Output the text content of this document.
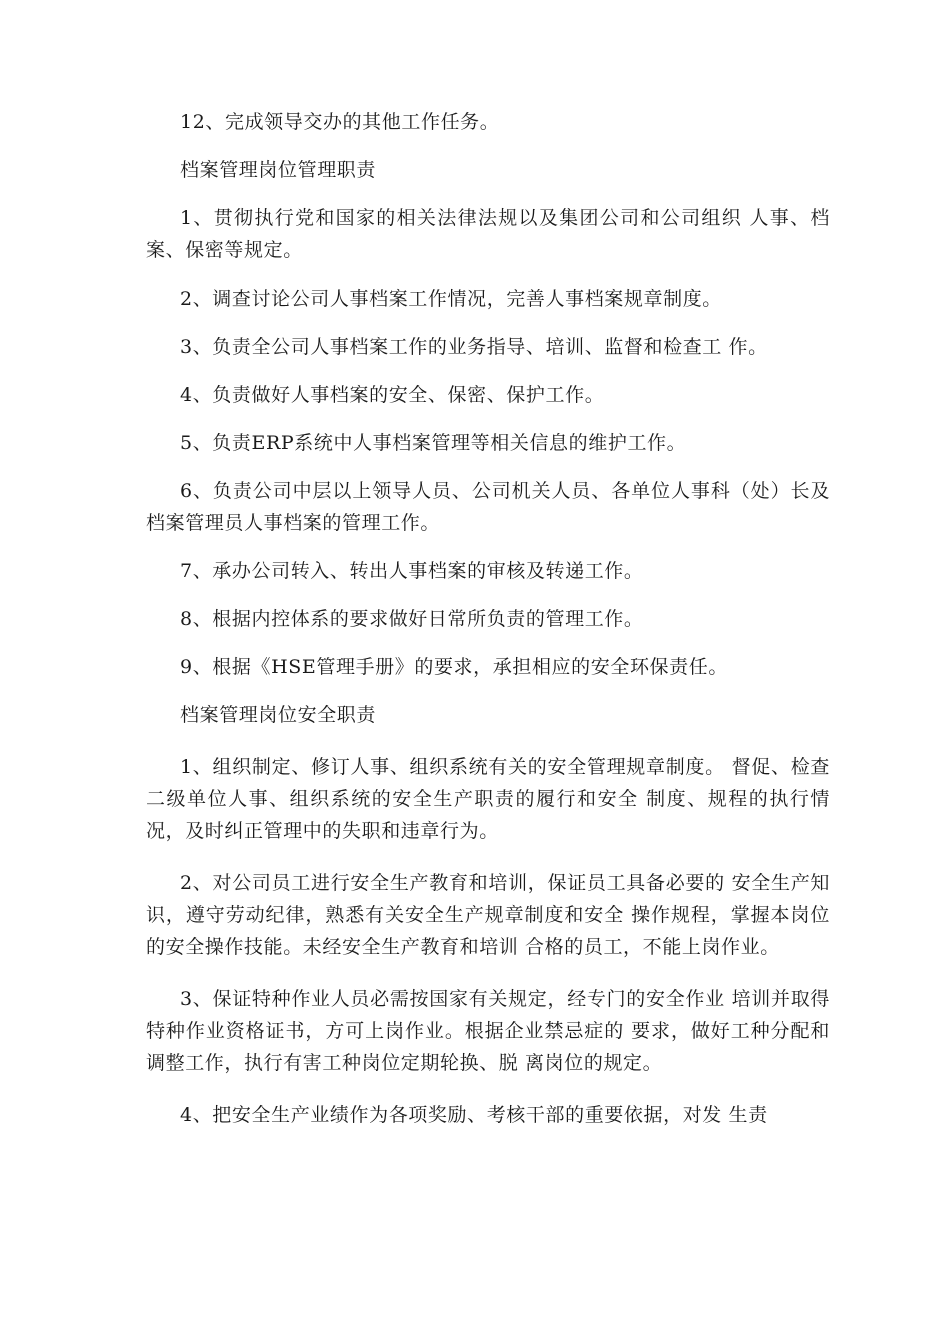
12、完成领导交办的其他工作任务。

档案管理岗位管理职责

1、贯彻执行党和国家的相关法律法规以及集团公司和公司组织 人事、档案、保密等规定。

2、调查讨论公司人事档案工作情况，完善人事档案规章制度。

3、负责全公司人事档案工作的业务指导、培训、监督和检查工 作。

4、负责做好人事档案的安全、保密、保护工作。

5、负责ERP系统中人事档案管理等相关信息的维护工作。

6、负责公司中层以上领导人员、公司机关人员、各单位人事科（处）长及档案管理员人事档案的管理工作。

7、承办公司转入、转出人事档案的审核及转递工作。

8、根据内控体系的要求做好日常所负责的管理工作。

9、根据《HSE管理手册》的要求，承担相应的安全环保责任。

档案管理岗位安全职责

1、组织制定、修订人事、组织系统有关的安全管理规章制度。 督促、检查二级单位人事、组织系统的安全生产职责的履行和安全 制度、规程的执行情况，及时纠正管理中的失职和违章行为。

2、对公司员工进行安全生产教育和培训，保证员工具备必要的 安全生产知识，遵守劳动纪律，熟悉有关安全生产规章制度和安全 操作规程，掌握本岗位的安全操作技能。未经安全生产教育和培训 合格的员工，不能上岗作业。

3、保证特种作业人员必需按国家有关规定，经专门的安全作业 培训并取得特种作业资格证书，方可上岗作业。根据企业禁忌症的 要求，做好工种分配和调整工作，执行有害工种岗位定期轮换、脱 离岗位的规定。

4、把安全生产业绩作为各项奖励、考核干部的重要依据，对发 生责
